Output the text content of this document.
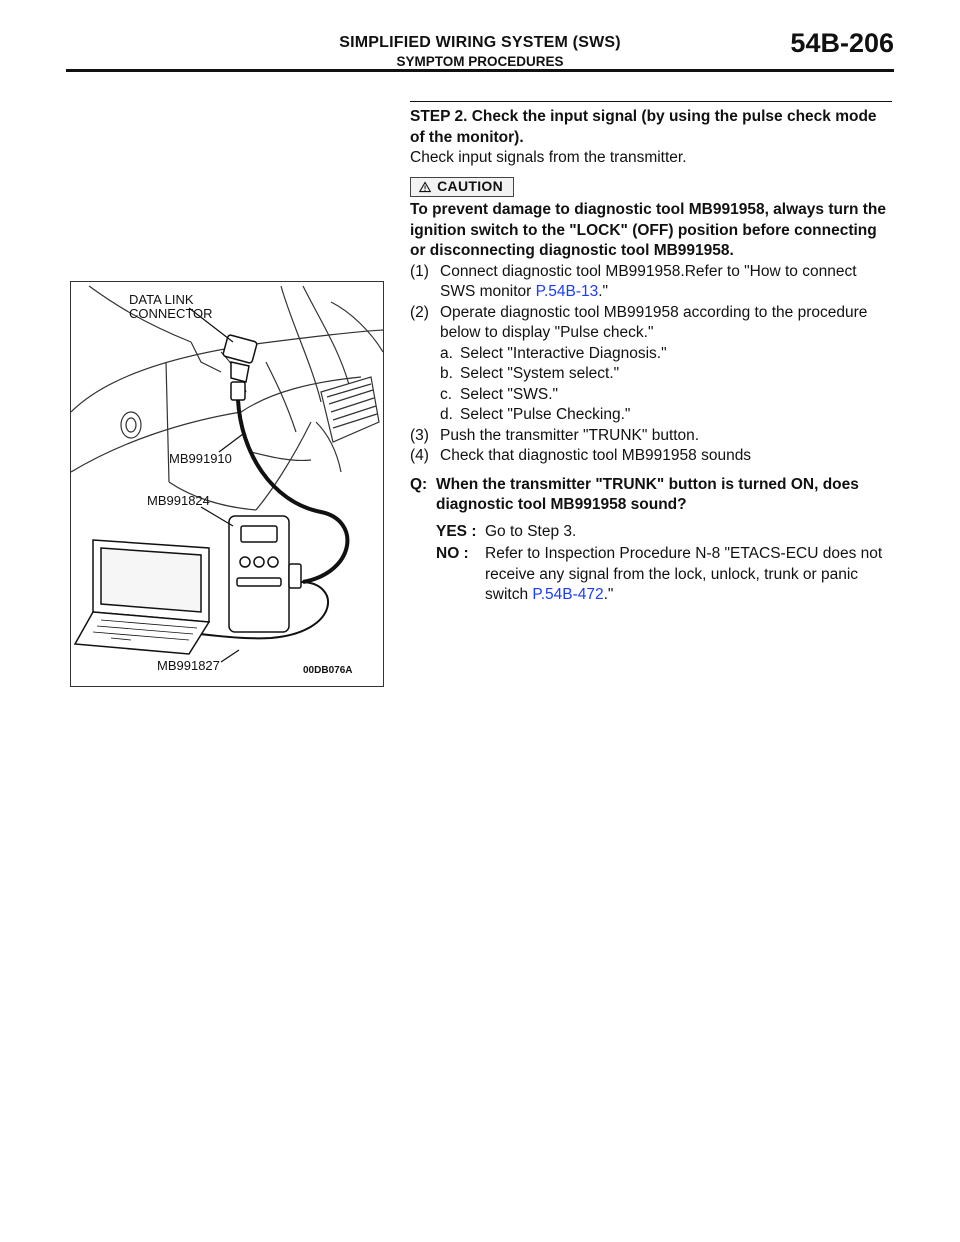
SIMPLIFIED WIRING SYSTEM (SWS)
SYMPTOM PROCEDURES
54B-206
DATA LINK
CONNECTOR
MB991910
MB991824
MB991827	00DB076A
STEP 2. Check the input signal (by using the pulse check mode of the monitor).
Check input signals from the transmitter.
CAUTION
To prevent damage to diagnostic tool MB991958, always turn the ignition switch to the "LOCK" (OFF) position before connecting or disconnecting diagnostic tool MB991958.
(1) Connect diagnostic tool MB991958.Refer to "How to connect SWS monitor P.54B-13."
(2) Operate diagnostic tool MB991958 according to the procedure below to display "Pulse check."
a. Select "Interactive Diagnosis."
b. Select "System select."
c. Select "SWS."
d. Select "Pulse Checking."
(3) Push the transmitter "TRUNK" button.
(4) Check that diagnostic tool MB991958 sounds
Q: When the transmitter "TRUNK" button is turned ON, does diagnostic tool MB991958 sound?
YES : Go to Step 3.
NO : Refer to Inspection Procedure N-8 "ETACS-ECU does not receive any signal from the lock, unlock, trunk or panic switch P.54B-472."
